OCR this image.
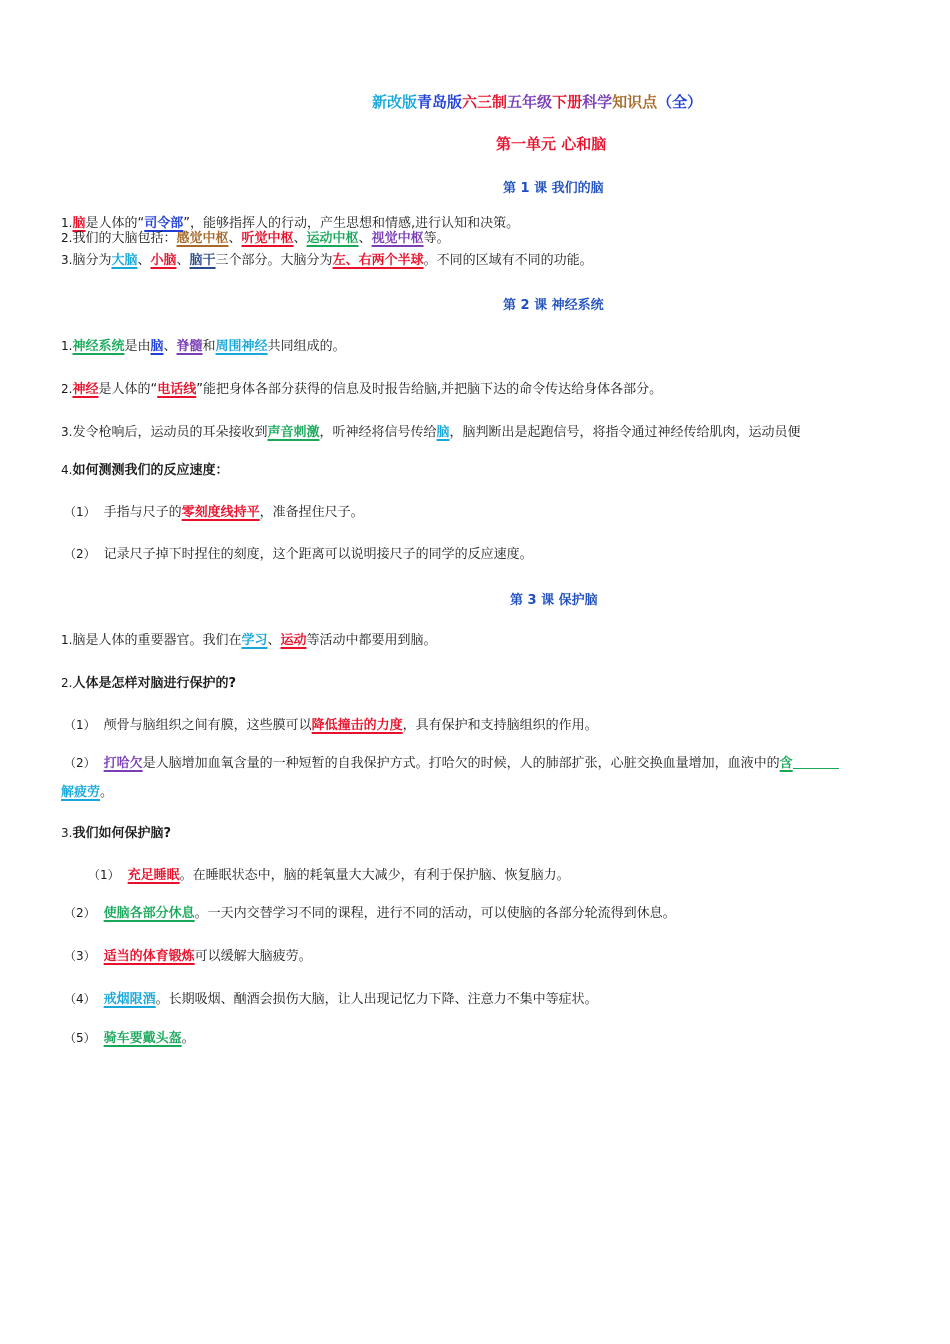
新改版青岛版六三制五年级下册科学知识点（全）
第一单元 心和脑
第 1 课 我们的脑
1.脑是人体的“司令部”，能够指挥人的行动，产生思想和情感,进行认知和决策。
2.我们的大脑包括：感觉中枢、听觉中枢、运动中枢、视觉中枢等。
3.脑分为大脑、小脑、脑干三个部分。大脑分为左、右两个半球。不同的区域有不同的功能。
第 2 课 神经系统
1.神经系统是由脑、脊髓和周围神经共同组成的。
2.神经是人体的“电话线”能把身体各部分获得的信息及时报告给脑,并把脑下达的命令传达给身体各部分。
3.发令枪响后，运动员的耳朵接收到声音刺激，听神经将信号传给脑，脑判断出是起跑信号，将指令通过神经传给肌肉，运动员便
4.如何测测我们的反应速度：
（1） 手指与尺子的零刻度线持平，准备捏住尺子。
（2） 记录尺子掉下时捏住的刻度，这个距离可以说明接尺子的同学的反应速度。
第 3 课 保护脑
1.脑是人体的重要器官。我们在学习、运动等活动中都要用到脑。
2.人体是怎样对脑进行保护的?
（1） 颅骨与脑组织之间有膜，这些膜可以降低撞击的力度，具有保护和支持脑组织的作用。
（2） 打哈欠是人脑增加血氧含量的一种短暂的自我保护方式。打哈欠的时候，人的肺部扩张，心脏交换血量增加，血液中的含
解疲劳。
3.我们如何保护脑?
（1） 充足睡眠。在睡眠状态中，脑的耗氧量大大减少，有利于保护脑、恢复脑力。
（2） 使脑各部分休息。一天内交替学习不同的课程，进行不同的活动，可以使脑的各部分轮流得到休息。
（3） 适当的体育锻炼可以缓解大脑疲劳。
（4） 戒烟限酒。长期吸烟、酗酒会损伤大脑，让人出现记忆力下降、注意力不集中等症状。
（5） 骑车要戴头盔。
